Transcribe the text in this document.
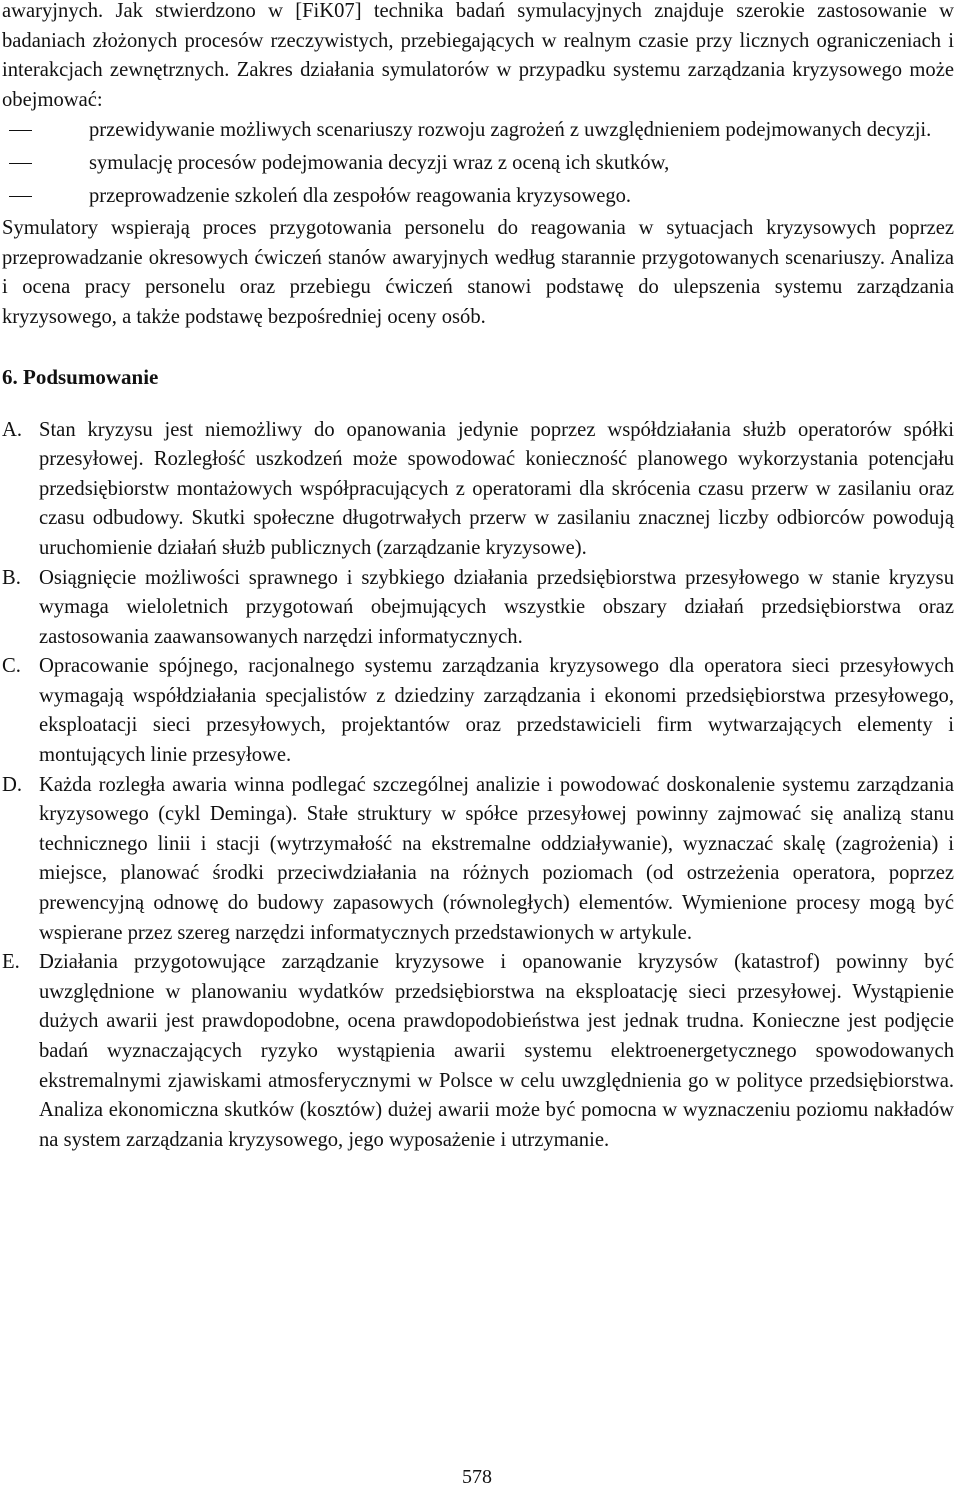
awaryjnych. Jak stwierdzono w [FiK07] technika badań symulacyjnych znajduje szerokie zastosowanie w badaniach złożonych procesów rzeczywistych, przebiegających w realnym czasie przy licznych ograniczeniach i interakcjach zewnętrznych. Zakres działania symulatorów w przypadku systemu zarządzania kryzysowego może obejmować:

przewidywanie możliwych scenariuszy rozwoju zagrożeń z uwzględnieniem podejmowanych decyzji.
symulację procesów podejmowania decyzji wraz z oceną ich skutków,
przeprowadzenie szkoleń dla zespołów reagowania kryzysowego.

Symulatory wspierają proces przygotowania personelu do reagowania w sytuacjach kryzysowych poprzez przeprowadzanie okresowych ćwiczeń stanów awaryjnych według starannie przygotowanych scenariuszy. Analiza i ocena pracy personelu oraz przebiegu ćwiczeń stanowi podstawę do ulepszenia systemu zarządzania kryzysowego, a także podstawę bezpośredniej oceny osób.

6. Podsumowanie
A. Stan kryzysu jest niemożliwy do opanowania jedynie poprzez współdziałania służb operatorów spółki przesyłowej. Rozległość uszkodzeń może spowodować konieczność planowego wykorzystania potencjału przedsiębiorstw montażowych współpracujących z operatorami dla skrócenia czasu przerw w zasilaniu oraz czasu odbudowy. Skutki społeczne długotrwałych przerw w zasilaniu znacznej liczby odbiorców powodują uruchomienie działań służb publicznych (zarządzanie kryzysowe).
B. Osiągnięcie możliwości sprawnego i szybkiego działania przedsiębiorstwa przesyłowego w stanie kryzysu wymaga wieloletnich przygotowań obejmujących wszystkie obszary działań przedsiębiorstwa oraz zastosowania zaawansowanych narzędzi informatycznych.
C. Opracowanie spójnego, racjonalnego systemu zarządzania kryzysowego dla operatora sieci przesyłowych wymagają współdziałania specjalistów z dziedziny zarządzania i ekonomi przedsiębiorstwa przesyłowego, eksploatacji sieci przesyłowych, projektantów oraz przedstawicieli firm wytwarzających elementy i montujących linie przesyłowe.
D. Każda rozległa awaria winna podlegać szczególnej analizie i powodować doskonalenie systemu zarządzania kryzysowego (cykl Deminga). Stałe struktury w spółce przesyłowej powinny zajmować się analizą stanu technicznego linii i stacji (wytrzymałość na ekstremalne oddziaływanie), wyznaczać skalę (zagrożenia) i miejsce, planować środki przeciwdziałania na różnych poziomach (od ostrzeżenia operatora, poprzez prewencyjną odnowę do budowy zapasowych (równoległych) elementów. Wymienione procesy mogą być wspierane przez szereg narzędzi informatycznych przedstawionych w artykule.
E. Działania przygotowujące zarządzanie kryzysowe i opanowanie kryzysów (katastrof) powinny być uwzględnione w planowaniu wydatków przedsiębiorstwa na eksploatację sieci przesyłowej. Wystąpienie dużych awarii jest prawdopodobne, ocena prawdopodobieństwa jest jednak trudna. Konieczne jest podjęcie badań wyznaczających ryzyko wystąpienia awarii systemu elektroenergetycznego spowodowanych ekstremalnymi zjawiskami atmosferycznymi w Polsce w celu uwzględnienia go w polityce przedsiębiorstwa. Analiza ekonomiczna skutków (kosztów) dużej awarii może być pomocna w wyznaczeniu poziomu nakładów na system zarządzania kryzysowego, jego wyposażenie i utrzymanie.
578
